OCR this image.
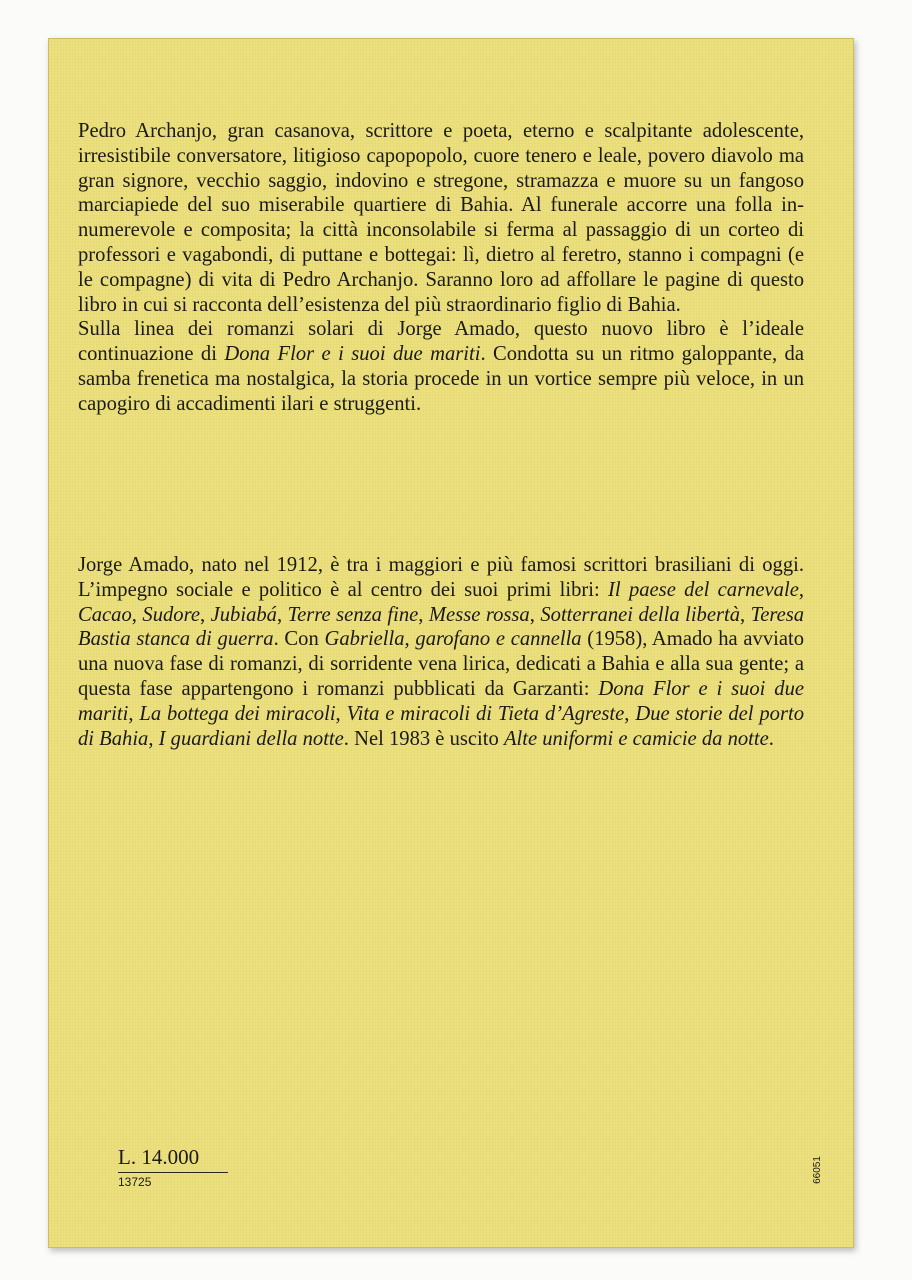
Pedro Archanjo, gran casanova, scrittore e poeta, eterno e scalpitante adolescente, irresistibile conversatore, litigioso capopopolo, cuore tenero e leale, povero diavolo ma gran signore, vecchio saggio, indovino e stregone, stramazza e muore su un fangoso marciapiede del suo miserabile quartiere di Bahia. Al funerale accorre una folla innumerevole e composita; la città inconsolabile si ferma al passaggio di un corteo di professori e vagabondi, di puttane e bottegai: lì, dietro al feretro, stanno i compagni (e le compagne) di vita di Pedro Archanjo. Saranno loro ad affollare le pagine di questo libro in cui si racconta dell’esistenza del più straordinario figlio di Bahia.

Sulla linea dei romanzi solari di Jorge Amado, questo nuovo libro è l’ideale continuazione di Dona Flor e i suoi due mariti. Condotta su un ritmo galoppante, da samba frenetica ma nostalgica, la storia procede in un vortice sempre più veloce, in un capogiro di accadimenti ilari e struggenti.

Jorge Amado, nato nel 1912, è tra i maggiori e più famosi scrittori brasiliani di oggi. L’impegno sociale e politico è al centro dei suoi primi libri: Il paese del carnevale, Cacao, Sudore, Jubiabá, Terre senza fine, Messe rossa, Sotterranei della libertà, Teresa Bastia stanca di guerra. Con Gabriella, garofano e cannella (1958), Amado ha avviato una nuova fase di romanzi, di sorridente vena lirica, dedicati a Bahia e alla sua gente; a questa fase appartengono i romanzi pubblicati da Garzanti: Dona Flor e i suoi due mariti, La bottega dei miracoli, Vita e miracoli di Tieta d’Agreste, Due storie del porto di Bahia, I guardiani della notte. Nel 1983 è uscito Alte uniformi e camicie da notte.

L. 14.000
13725	66051
